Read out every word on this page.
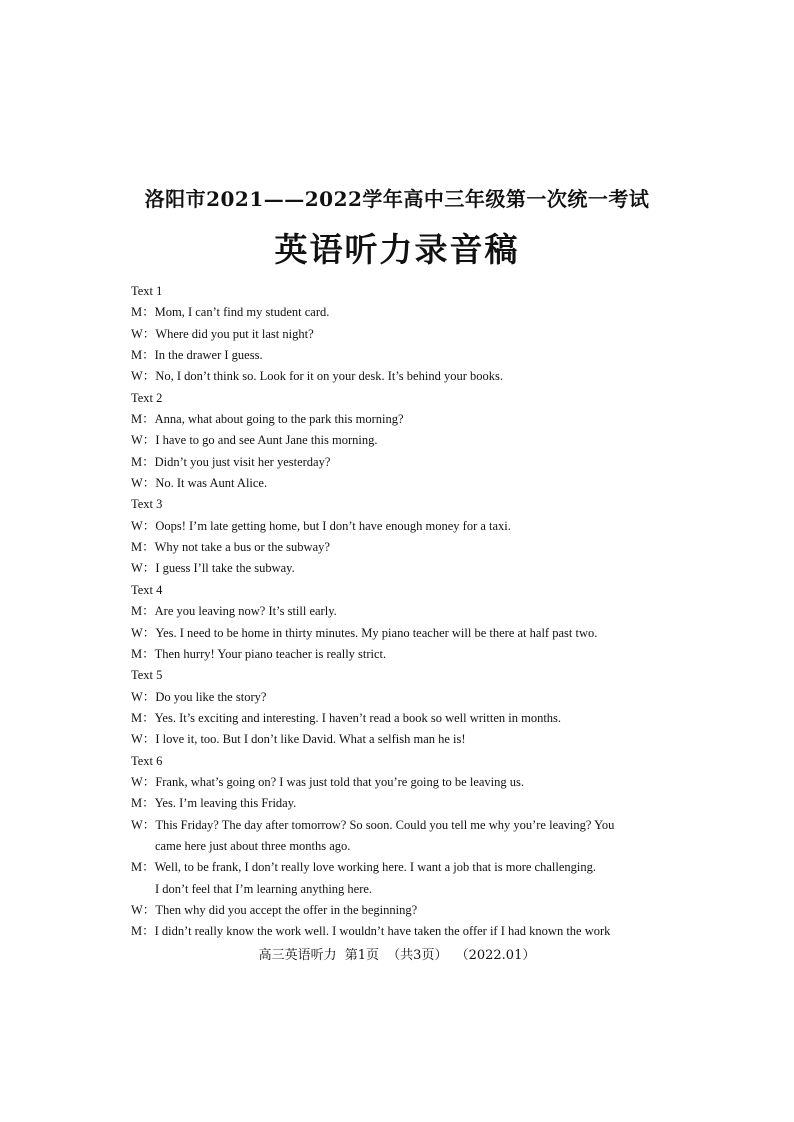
洛阳市2021——2022学年高中三年级第一次统一考试
英语听力录音稿
Text 1
M：Mom, I can’t find my student card.
W：Where did you put it last night?
M：In the drawer I guess.
W：No, I don’t think so. Look for it on your desk. It’s behind your books.
Text 2
M：Anna, what about going to the park this morning?
W：I have to go and see Aunt Jane this morning.
M：Didn’t you just visit her yesterday?
W：No. It was Aunt Alice.
Text 3
W：Oops! I’m late getting home, but I don’t have enough money for a taxi.
M：Why not take a bus or the subway?
W：I guess I’ll take the subway.
Text 4
M：Are you leaving now? It’s still early.
W：Yes. I need to be home in thirty minutes. My piano teacher will be there at half past two.
M：Then hurry! Your piano teacher is really strict.
Text 5
W：Do you like the story?
M：Yes. It’s exciting and interesting. I haven’t read a book so well written in months.
W：I love it, too. But I don’t like David. What a selfish man he is!
Text 6
W：Frank, what’s going on? I was just told that you’re going to be leaving us.
M：Yes. I’m leaving this Friday.
W：This Friday? The day after tomorrow? So soon. Could you tell me why you’re leaving? You
came here just about three months ago.
M：Well, to be frank, I don’t really love working here. I want a job that is more challenging.
I don’t feel that I’m learning anything here.
W：Then why did you accept the offer in the beginning?
M：I didn’t really know the work well. I wouldn’t have taken the offer if I had known the work
高三英语听力 第1页 （共3页） （2022.01）
